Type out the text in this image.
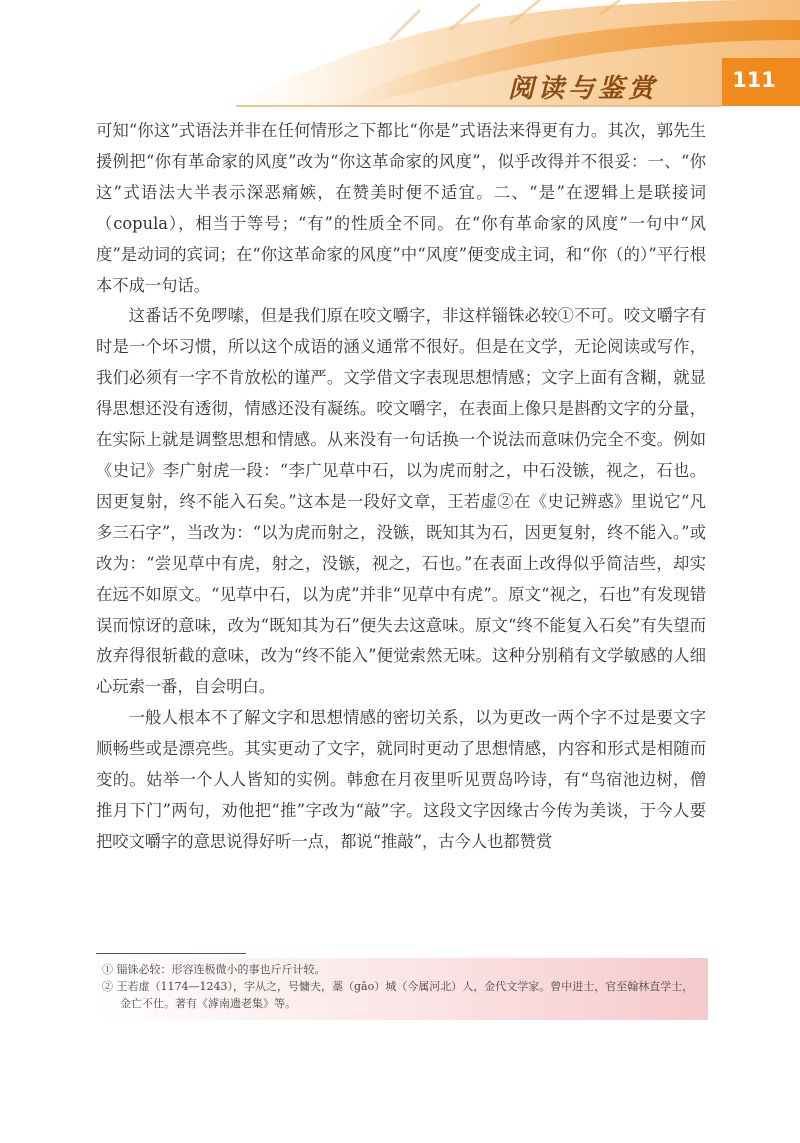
阅读与鉴赏	111

可知“你这”式语法并非在任何情形之下都比“你是”式语法来得更有力。其次，郭先生援例把“你有革命家的风度”改为“你这革命家的风度”，似乎改得并不很妥：一、“你这”式语法大半表示深恶痛嫉，在赞美时便不适宜。二、“是”在逻辑上是联接词（copula），相当于等号；“有”的性质全不同。在“你有革命家的风度”一句中“风度”是动词的宾词；在“你这革命家的风度”中“风度”便变成主词，和“你（的）”平行根本不成一句话。

这番话不免啰嗦，但是我们原在咬文嚼字，非这样锱铢必较①不可。咬文嚼字有时是一个坏习惯，所以这个成语的涵义通常不很好。但是在文学，无论阅读或写作，我们必须有一字不肯放松的谨严。文学借文字表现思想情感；文字上面有含糊，就显得思想还没有透彻，情感还没有凝练。咬文嚼字，在表面上像只是斟酌文字的分量，在实际上就是调整思想和情感。从来没有一句话换一个说法而意味仍完全不变。例如《史记》李广射虎一段：“李广见草中石，以为虎而射之，中石没镞，视之，石也。因更复射，终不能入石矣。”这本是一段好文章，王若虚②在《史记辨惑》里说它“凡多三石字”，当改为：“以为虎而射之，没镞，既知其为石，因更复射，终不能入。”或改为：“尝见草中有虎，射之，没镞，视之，石也。”在表面上改得似乎简洁些，却实在远不如原文。“见草中石，以为虎”并非“见草中有虎”。原文“视之，石也”有发现错误而惊讶的意味，改为“既知其为石”便失去这意味。原文“终不能复入石矣”有失望而放弃得很斩截的意味，改为“终不能入”便觉索然无味。这种分别稍有文学敏感的人细心玩索一番，自会明白。

一般人根本不了解文字和思想情感的密切关系，以为更改一两个字不过是要文字顺畅些或是漂亮些。其实更动了文字，就同时更动了思想情感，内容和形式是相随而变的。姑举一个人人皆知的实例。韩愈在月夜里听见贾岛吟诗，有“鸟宿池边树，僧推月下门”两句，劝他把“推”字改为“敲”字。这段文字因缘古今传为美谈，于今人要把咬文嚼字的意思说得好听一点，都说“推敲”，古今人也都赞赏

① 锱铢必较：形容连极微小的事也斤斤计较。

② 王若虚（1174—1243），字从之，号慵夫，藁（gǎo）城（今属河北）人，金代文学家。曾中进士，官至翰林直学士，金亡不仕。著有《滹南遗老集》等。
